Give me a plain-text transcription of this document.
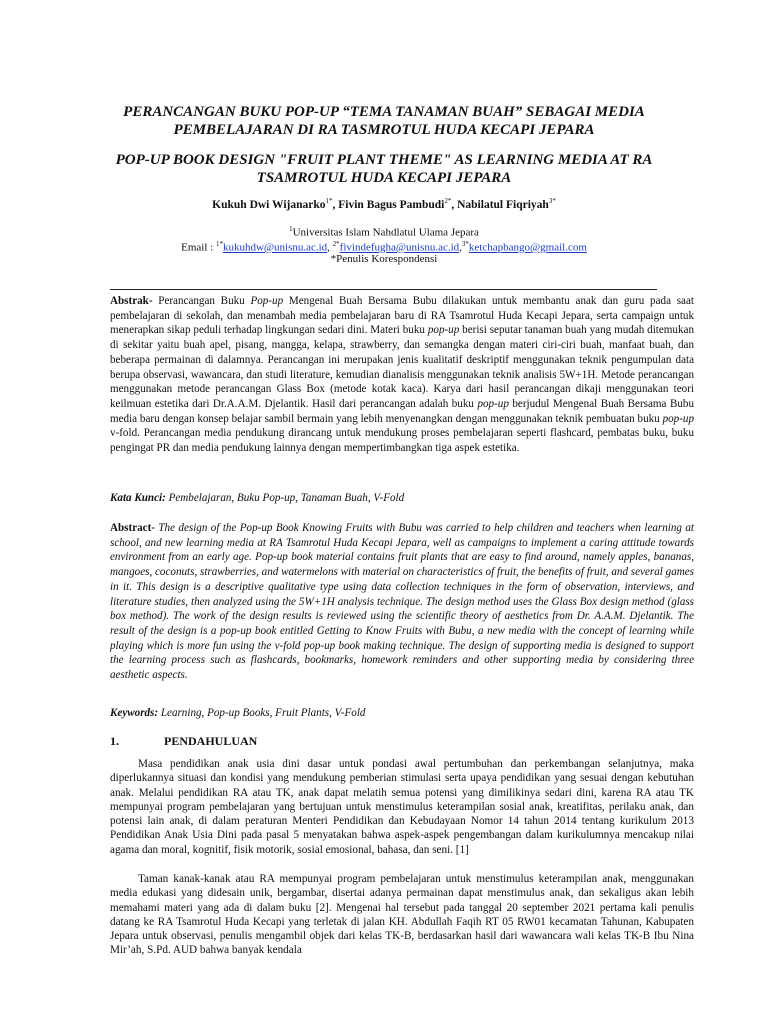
PERANCANGAN BUKU POP-UP “TEMA TANAMAN BUAH” SEBAGAI MEDIA

PEMBELAJARAN DI RA TASMROTUL HUDA KECAPI JEPARA

POP-UP BOOK DESIGN "FRUIT PLANT THEME" AS LEARNING MEDIA AT RA

TSAMROTUL HUDA KECAPI JEPARA

Kukuh Dwi Wijanarko$^{1*}$, Fivin Bagus Pambudi$^{2*}$, Nabilatul Fiqriyah$^{3*}$
$^1$Universitas Islam Nahdlatul Ulama Jepara
Email : $^{1*}$kukuhdw@unisnu.ac.id, $^{2*}$fivindefugha@unisnu.ac.id,$^{3*}$ketchapbango@gmail.com
*Penulis Korespondensi

Abstrak- Perancangan Buku Pop-up Mengenal Buah Bersama Bubu dilakukan untuk membantu anak dan guru pada saat pembelajaran di sekolah, dan menambah media pembelajaran baru di RA Tsamrotul Huda Kecapi Jepara, serta campaign untuk menerapkan sikap peduli terhadap lingkungan sedari dini. Materi buku pop-up berisi seputar tanaman buah yang mudah ditemukan di sekitar yaitu buah apel, pisang, mangga, kelapa, strawberry, dan semangka dengan materi ciri-ciri buah, manfaat buah, dan beberapa permainan di dalamnya. Perancangan ini merupakan jenis kualitatif deskriptif menggunakan teknik pengumpulan data berupa observasi, wawancara, dan studi literature, kemudian dianalisis menggunakan teknik analisis 5W+1H. Metode perancangan menggunakan metode perancangan Glass Box (metode kotak kaca). Karya dari hasil perancangan dikaji menggunakan teori keilmuan estetika dari Dr.A.A.M. Djelantik. Hasil dari perancangan adalah buku pop-up berjudul Mengenal Buah Bersama Bubu media baru dengan konsep belajar sambil bermain yang lebih menyenangkan dengan menggunakan teknik pembuatan buku pop-up v-fold. Perancangan media pendukung dirancang untuk mendukung proses pembelajaran seperti flashcard, pembatas buku, buku pengingat PR dan media pendukung lainnya dengan mempertimbangkan tiga aspek estetika.

Kata Kunci: Pembelajaran, Buku Pop-up, Tanaman Buah, V-Fold

Abstract- The design of the Pop-up Book Knowing Fruits with Bubu was carried to help children and teachers when learning at school, and new learning media at RA Tsamrotul Huda Kecapi Jepara, well as campaigns to implement a caring attitude towards environment from an early age. Pop-up book material contains fruit plants that are easy to find around, namely apples, bananas, mangoes, coconuts, strawberries, and watermelons with material on characteristics of fruit, the benefits of fruit, and several games in it. This design is a descriptive qualitative type using data collection techniques in the form of observation, interviews, and literature studies, then analyzed using the 5W+1H analysis technique. The design method uses the Glass Box design method (glass box method). The work of the design results is reviewed using the scientific theory of aesthetics from Dr. A.A.M. Djelantik. The result of the design is a pop-up book entitled Getting to Know Fruits with Bubu, a new media with the concept of learning while playing which is more fun using the v-fold pop-up book making technique. The design of supporting media is designed to support the learning process such as flashcards, bookmarks, homework reminders and other supporting media by considering three aesthetic aspects.

Keywords: Learning, Pop-up Books, Fruit Plants, V-Fold

1.	PENDAHULUAN

Masa pendidikan anak usia dini dasar untuk pondasi awal pertumbuhan dan perkembangan selanjutnya, maka diperlukannya situasi dan kondisi yang mendukung pemberian stimulasi serta upaya pendidikan yang sesuai dengan kebutuhan anak. Melalui pendidikan RA atau TK, anak dapat melatih semua potensi yang dimilikinya sedari dini, karena RA atau TK mempunyai program pembelajaran yang bertujuan untuk menstimulus keterampilan sosial anak, kreatifitas, perilaku anak, dan potensi lain anak, di dalam peraturan Menteri Pendidikan dan Kebudayaan Nomor 14 tahun 2014 tentang kurikulum 2013 Pendidikan Anak Usia Dini pada pasal 5 menyatakan bahwa aspek-aspek pengembangan dalam kurikulumnya mencakup nilai agama dan moral, kognitif, fisik motorik, sosial emosional, bahasa, dan seni. [1]

Taman kanak-kanak atau RA mempunyai program pembelajaran untuk menstimulus keterampilan anak, menggunakan media edukasi yang didesain unik, bergambar, disertai adanya permainan dapat menstimulus anak, dan sekaligus akan lebih memahami materi yang ada di dalam buku [2]. Mengenai hal tersebut pada tanggal 20 september 2021 pertama kali penulis datang ke RA Tsamrotul Huda Kecapi yang terletak di jalan KH. Abdullah Faqih RT 05 RW01 kecamatan Tahunan, Kabupaten Jepara untuk observasi, penulis mengambil objek dari kelas TK-B, berdasarkan hasil dari wawancara wali kelas TK-B Ibu Nina Mir’ah, S.Pd. AUD bahwa banyak kendala
